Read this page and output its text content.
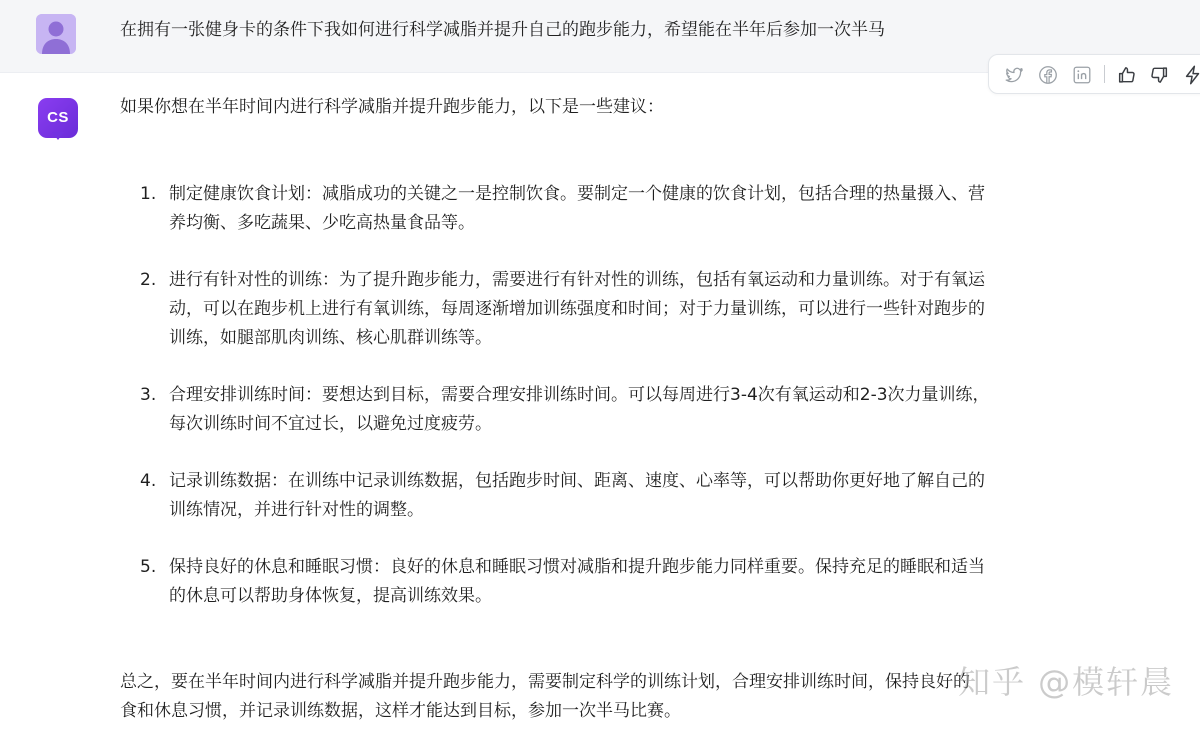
在拥有一张健身卡的条件下我如何进行科学减脂并提升自己的跑步能力，希望能在半年后参加一次半马
CS
如果你想在半年时间内进行科学减脂并提升跑步能力，以下是一些建议：
1. 制定健康饮食计划：减脂成功的关键之一是控制饮食。要制定一个健康的饮食计划，包括合理的热量摄入、营
养均衡、多吃蔬果、少吃高热量食品等。
2. 进行有针对性的训练：为了提升跑步能力，需要进行有针对性的训练，包括有氧运动和力量训练。对于有氧运
动，可以在跑步机上进行有氧训练，每周逐渐增加训练强度和时间；对于力量训练，可以进行一些针对跑步的
训练，如腿部肌肉训练、核心肌群训练等。
3. 合理安排训练时间：要想达到目标，需要合理安排训练时间。可以每周进行3-4次有氧运动和2-3次力量训练，
每次训练时间不宜过长，以避免过度疲劳。
4. 记录训练数据：在训练中记录训练数据，包括跑步时间、距离、速度、心率等，可以帮助你更好地了解自己的
训练情况，并进行针对性的调整。
5. 保持良好的休息和睡眠习惯：良好的休息和睡眠习惯对减脂和提升跑步能力同样重要。保持充足的睡眠和适当
的休息可以帮助身体恢复，提高训练效果。
总之，要在半年时间内进行科学减脂并提升跑步能力，需要制定科学的训练计划，合理安排训练时间，保持良好的
食和休息习惯，并记录训练数据，这样才能达到目标，参加一次半马比赛。
知乎 @模轩晨
